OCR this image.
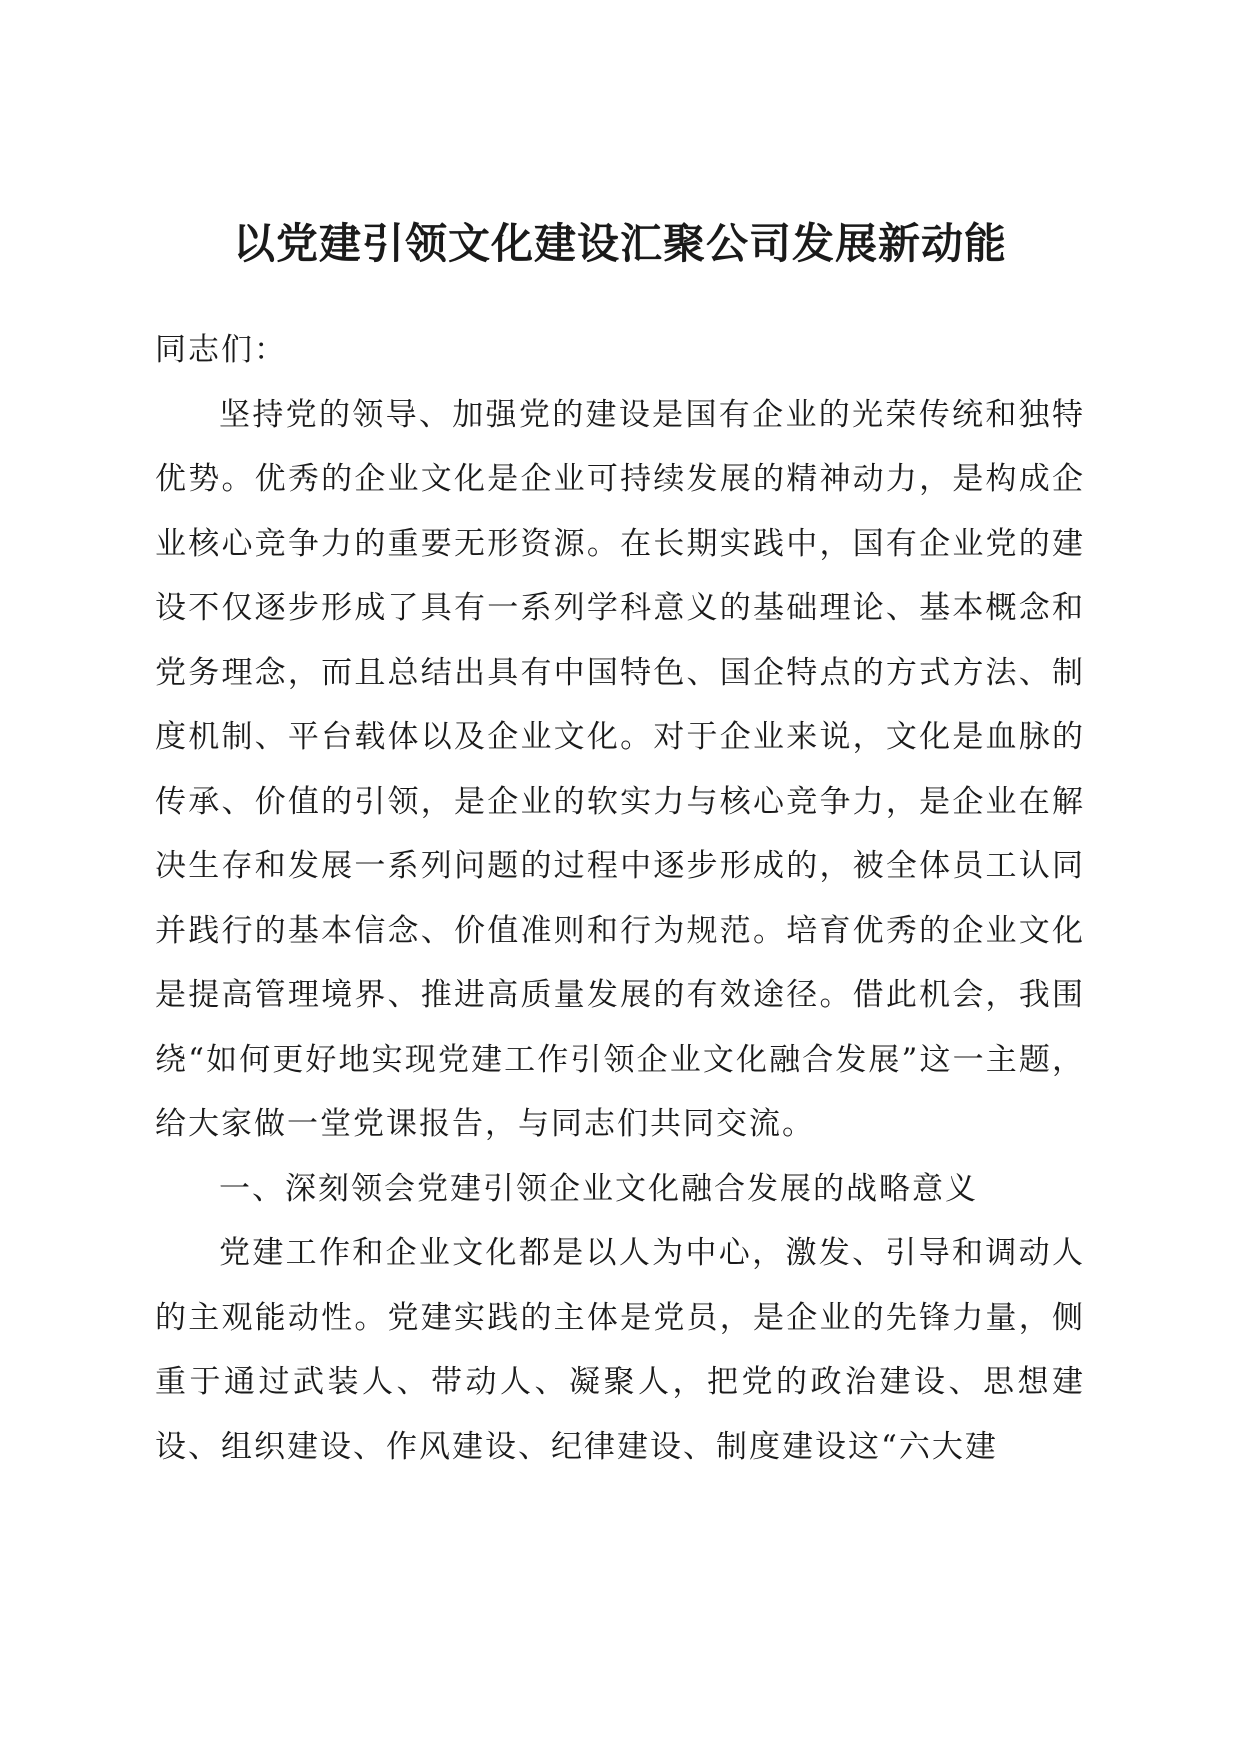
以党建引领文化建设汇聚公司发展新动能

同志们：

坚持党的领导、加强党的建设是国有企业的光荣传统和独特优势。优秀的企业文化是企业可持续发展的精神动力，是构成企业核心竞争力的重要无形资源。在长期实践中，国有企业党的建设不仅逐步形成了具有一系列学科意义的基础理论、基本概念和党务理念，而且总结出具有中国特色、国企特点的方式方法、制度机制、平台载体以及企业文化。对于企业来说，文化是血脉的传承、价值的引领，是企业的软实力与核心竞争力，是企业在解决生存和发展一系列问题的过程中逐步形成的，被全体员工认同并践行的基本信念、价值准则和行为规范。培育优秀的企业文化是提高管理境界、推进高质量发展的有效途径。借此机会，我围绕“如何更好地实现党建工作引领企业文化融合发展”这一主题，给大家做一堂党课报告，与同志们共同交流。

一、深刻领会党建引领企业文化融合发展的战略意义

党建工作和企业文化都是以人为中心，激发、引导和调动人的主观能动性。党建实践的主体是党员，是企业的先锋力量，侧重于通过武装人、带动人、凝聚人，把党的政治建设、思想建设、组织建设、作风建设、纪律建设、制度建设这“六大建
